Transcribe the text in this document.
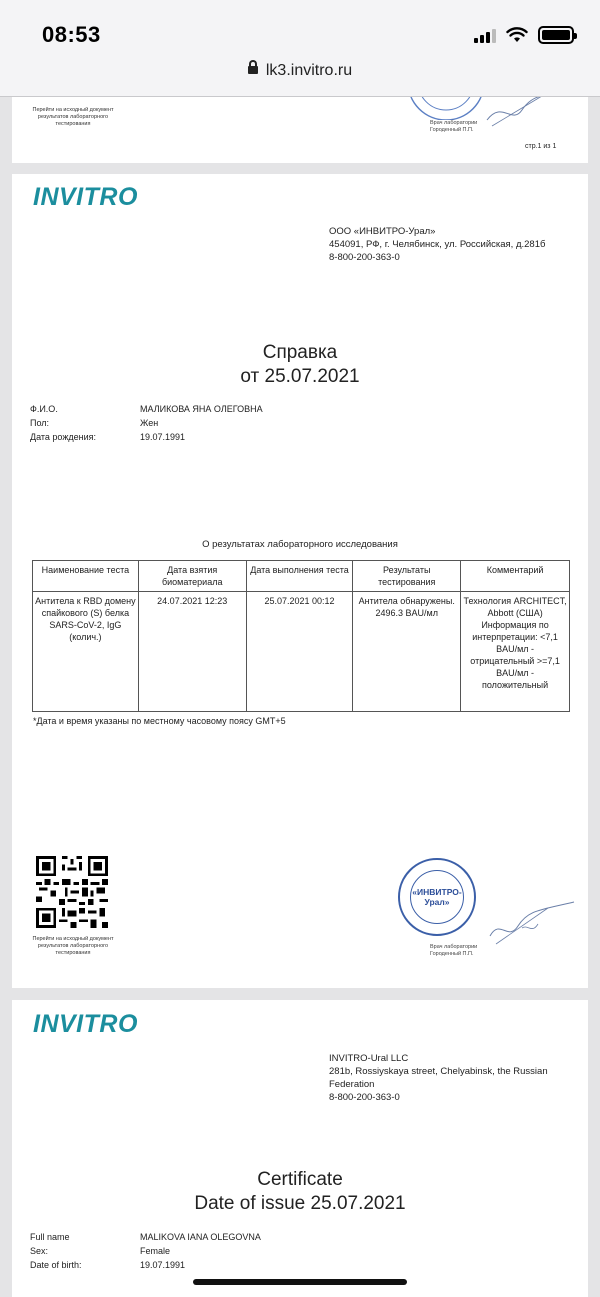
08:53
lk3.invitro.ru
Перейти на исходный документ результатов лабораторного тестирования	Врач лаборатории Городенный П.П.
стр.1 из 1
INVITRO
ООО «ИНВИТРО-Урал»
454091, РФ, г. Челябинск, ул. Российская, д.281б
8-800-200-363-0
Справка
от 25.07.2021
Ф.И.О.	МАЛИКОВА ЯНА ОЛЕГОВНА
Пол:	Жен
Дата рождения:	19.07.1991
О результатах лабораторного исследования
Наименование теста	Дата взятия биоматериала	Дата выполнения теста	Результаты тестирования	Комментарий
Антитела к RBD домену спайкового (S) белка SARS-CoV-2, IgG (колич.)	24.07.2021 12:23	25.07.2021 00:12	Антитела обнаружены. 2496.3 BAU/мл	Технология ARCHITECT, Abbott (США) Информация по интерпретации: <7,1 BAU/мл - отрицательный >=7,1 BAU/мл - положительный
*Дата и время указаны по местному часовому поясу GMT+5
Перейти на исходный документ результатов лабораторного тестирования
«ИНВИТРО-Урал»
Врач лаборатории Городенный П.П.
INVITRO
INVITRO-Ural LLC
281b, Rossiyskaya street, Chelyabinsk, the Russian
Federation
8-800-200-363-0
Certificate
Date of issue 25.07.2021
Full name	MALIKOVA IANA OLEGOVNA
Sex:	Female
Date of birth:	19.07.1991
